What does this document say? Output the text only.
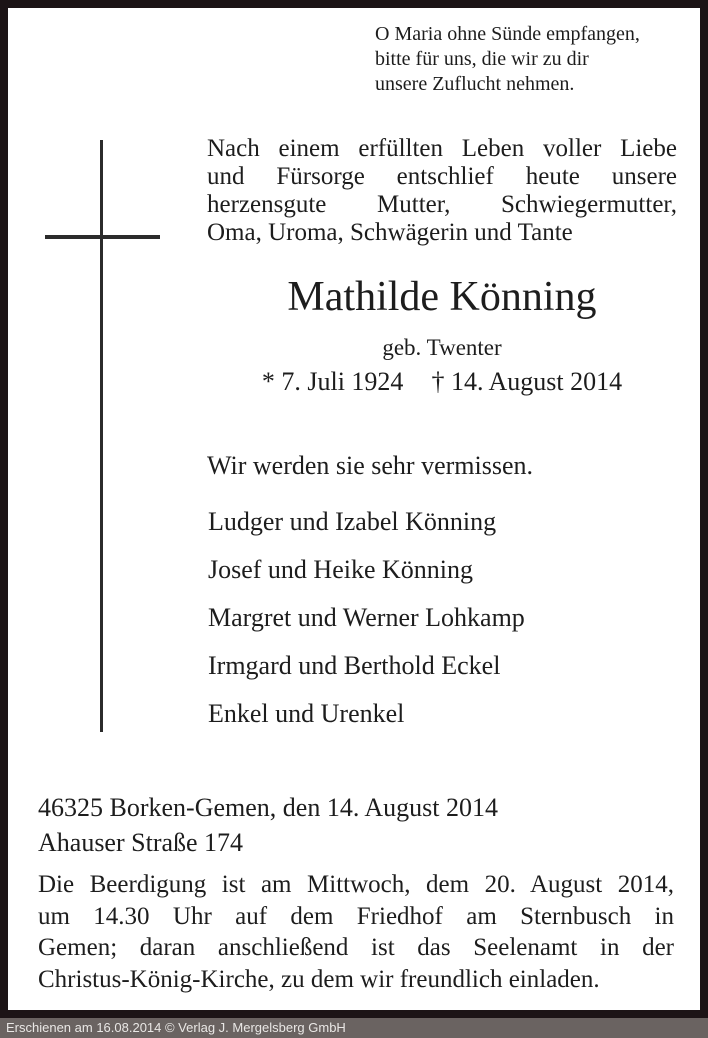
O Maria ohne Sünde empfangen,
bitte für uns, die wir zu dir
unsere Zuflucht nehmen.
Nach einem erfüllten Leben voller Liebe
und Fürsorge entschlief heute unsere
herzensgute Mutter, Schwiegermutter,
Oma, Uroma, Schwägerin und Tante
Mathilde Könning
geb. Twenter
* 7. Juli 1924 † 14. August 2014
Wir werden sie sehr vermissen.
Ludger und Izabel Könning
Josef und Heike Könning
Margret und Werner Lohkamp
Irmgard und Berthold Eckel
Enkel und Urenkel
46325 Borken-Gemen, den 14. August 2014
Ahauser Straße 174
Die Beerdigung ist am Mittwoch, dem 20. August 2014,
um 14.30 Uhr auf dem Friedhof am Sternbusch in
Gemen; daran anschließend ist das Seelenamt in der
Christus-König-Kirche, zu dem wir freundlich einladen.
Erschienen am 16.08.2014 © Verlag J. Mergelsberg GmbH
